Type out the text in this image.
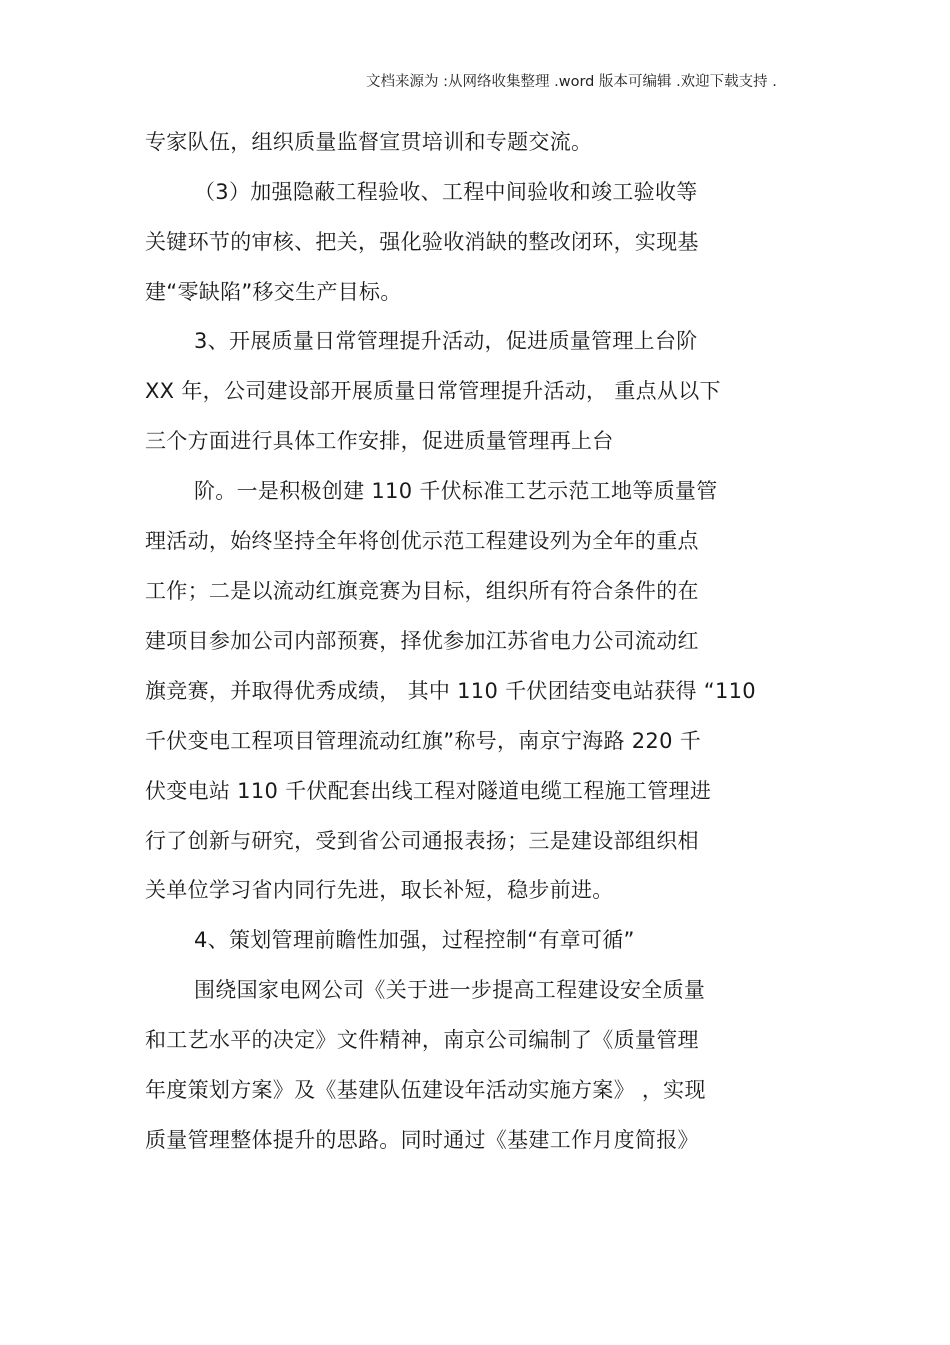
文档来源为 :从网络收集整理 .word 版本可编辑 .欢迎下载支持 .
专家队伍，组织质量监督宣贯培训和专题交流。
（3）加强隐蔽工程验收、工程中间验收和竣工验收等
关键环节的审核、把关，强化验收消缺的整改闭环，实现基
建“零缺陷”移交生产目标。
3、开展质量日常管理提升活动，促进质量管理上台阶
XX 年，公司建设部开展质量日常管理提升活动， 重点从以下
三个方面进行具体工作安排，促进质量管理再上台
阶。一是积极创建 110 千伏标准工艺示范工地等质量管
理活动，始终坚持全年将创优示范工程建设列为全年的重点
工作；二是以流动红旗竞赛为目标，组织所有符合条件的在
建项目参加公司内部预赛，择优参加江苏省电力公司流动红
旗竞赛，并取得优秀成绩， 其中 110 千伏团结变电站获得 “110
千伏变电工程项目管理流动红旗”称号，南京宁海路 220 千
伏变电站 110 千伏配套出线工程对隧道电缆工程施工管理进
行了创新与研究，受到省公司通报表扬；三是建设部组织相
关单位学习省内同行先进，取长补短，稳步前进。
4、策划管理前瞻性加强，过程控制“有章可循”
围绕国家电网公司《关于进一步提高工程建设安全质量
和工艺水平的决定》文件精神，南京公司编制了《质量管理
年度策划方案》及《基建队伍建设年活动实施方案》 ，实现
质量管理整体提升的思路。同时通过《基建工作月度简报》
